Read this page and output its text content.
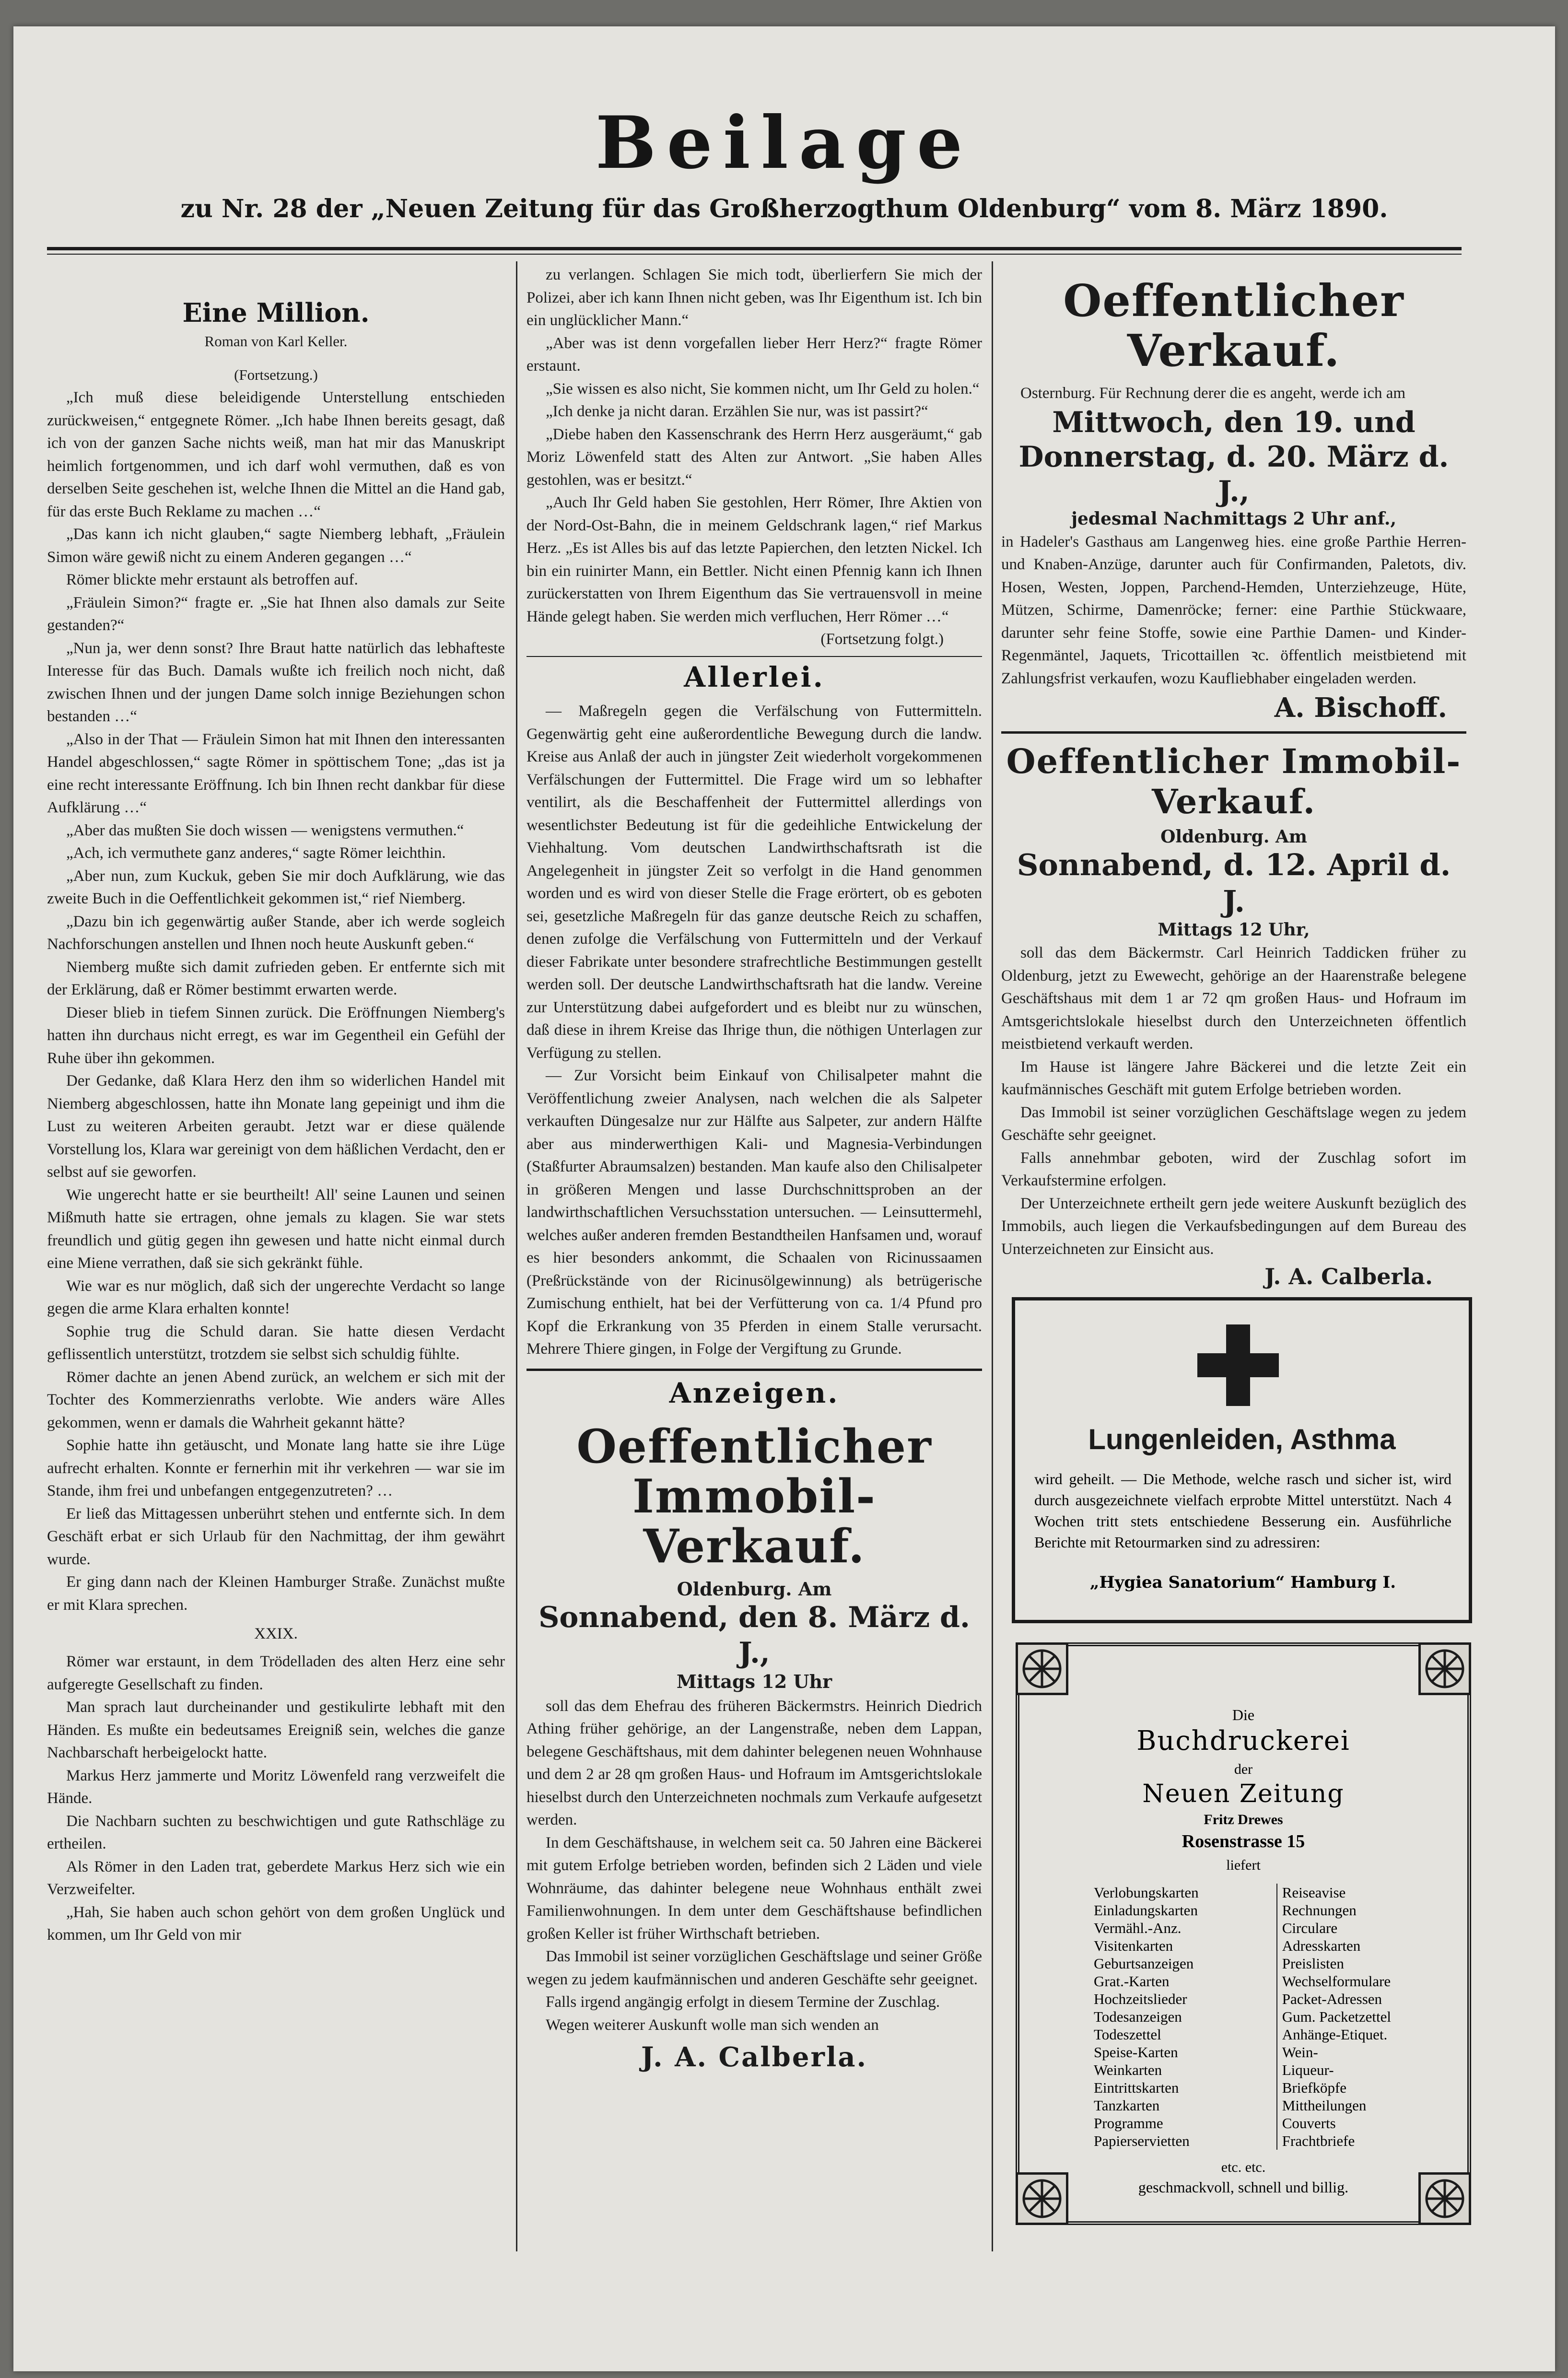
Beilage
zu Nr. 28 der „Neuen Zeitung für das Großherzogthum Oldenburg“ vom 8. März 1890.
Eine Million.
Roman von Karl Keller.
(Fortsetzung.)

„Ich muß diese beleidigende Unterstellung entschieden zurückweisen,“ entgegnete Römer. „Ich habe Ihnen bereits gesagt, daß ich von der ganzen Sache nichts weiß, man hat mir das Manuskript heimlich fortgenommen, und ich darf wohl vermuthen, daß es von derselben Seite geschehen ist, welche Ihnen die Mittel an die Hand gab, für das erste Buch Reklame zu machen …“

„Das kann ich nicht glauben,“ sagte Niemberg lebhaft, „Fräulein Simon wäre gewiß nicht zu einem Anderen gegangen …“

Römer blickte mehr erstaunt als betroffen auf.

„Fräulein Simon?“ fragte er. „Sie hat Ihnen also damals zur Seite gestanden?“

„Nun ja, wer denn sonst? Ihre Braut hatte natürlich das lebhafteste Interesse für das Buch. Damals wußte ich freilich noch nicht, daß zwischen Ihnen und der jungen Dame solch innige Beziehungen schon bestanden …“

„Also in der That — Fräulein Simon hat mit Ihnen den interessanten Handel abgeschlossen,“ sagte Römer in spöttischem Tone; „das ist ja eine recht interessante Eröffnung. Ich bin Ihnen recht dankbar für diese Aufklärung …“

„Aber das mußten Sie doch wissen — wenigstens vermuthen.“

„Ach, ich vermuthete ganz anderes,“ sagte Römer leichthin.

„Aber nun, zum Kuckuk, geben Sie mir doch Aufklärung, wie das zweite Buch in die Oeffentlichkeit gekommen ist,“ rief Niemberg.

„Dazu bin ich gegenwärtig außer Stande, aber ich werde sogleich Nachforschungen anstellen und Ihnen noch heute Auskunft geben.“

Niemberg mußte sich damit zufrieden geben. Er entfernte sich mit der Erklärung, daß er Römer bestimmt erwarten werde.

Dieser blieb in tiefem Sinnen zurück. Die Eröffnungen Niemberg's hatten ihn durchaus nicht erregt, es war im Gegentheil ein Gefühl der Ruhe über ihn gekommen.

Der Gedanke, daß Klara Herz den ihm so widerlichen Handel mit Niemberg abgeschlossen, hatte ihn Monate lang gepeinigt und ihm die Lust zu weiteren Arbeiten geraubt. Jetzt war er diese quälende Vorstellung los, Klara war gereinigt von dem häßlichen Verdacht, den er selbst auf sie geworfen.

Wie ungerecht hatte er sie beurtheilt! All' seine Launen und seinen Mißmuth hatte sie ertragen, ohne jemals zu klagen. Sie war stets freundlich und gütig gegen ihn gewesen und hatte nicht einmal durch eine Miene verrathen, daß sie sich gekränkt fühle.

Wie war es nur möglich, daß sich der ungerechte Verdacht so lange gegen die arme Klara erhalten konnte!

Sophie trug die Schuld daran. Sie hatte diesen Verdacht geflissentlich unterstützt, trotzdem sie selbst sich schuldig fühlte.

Römer dachte an jenen Abend zurück, an welchem er sich mit der Tochter des Kommerzienraths verlobte. Wie anders wäre Alles gekommen, wenn er damals die Wahrheit gekannt hätte?

Sophie hatte ihn getäuscht, und Monate lang hatte sie ihre Lüge aufrecht erhalten. Konnte er fernerhin mit ihr verkehren — war sie im Stande, ihm frei und unbefangen entgegenzutreten? …

Er ließ das Mittagessen unberührt stehen und entfernte sich. In dem Geschäft erbat er sich Urlaub für den Nachmittag, der ihm gewährt wurde.

Er ging dann nach der Kleinen Hamburger Straße. Zunächst mußte er mit Klara sprechen.

XXIX.

Römer war erstaunt, in dem Trödelladen des alten Herz eine sehr aufgeregte Gesellschaft zu finden.

Man sprach laut durcheinander und gestikulirte lebhaft mit den Händen. Es mußte ein bedeutsames Ereigniß sein, welches die ganze Nachbarschaft herbeigelockt hatte.

Markus Herz jammerte und Moritz Löwenfeld rang verzweifelt die Hände.

Die Nachbarn suchten zu beschwichtigen und gute Rathschläge zu ertheilen.

Als Römer in den Laden trat, geberdete Markus Herz sich wie ein Verzweifelter.

„Hah, Sie haben auch schon gehört von dem großen Unglück und kommen, um Ihr Geld von mir

zu verlangen. Schlagen Sie mich todt, überlierfern Sie mich der Polizei, aber ich kann Ihnen nicht geben, was Ihr Eigenthum ist. Ich bin ein unglücklicher Mann.“

„Aber was ist denn vorgefallen lieber Herr Herz?“ fragte Römer erstaunt.

„Sie wissen es also nicht, Sie kommen nicht, um Ihr Geld zu holen.“

„Ich denke ja nicht daran. Erzählen Sie nur, was ist passirt?“

„Diebe haben den Kassenschrank des Herrn Herz ausgeräumt,“ gab Moriz Löwenfeld statt des Alten zur Antwort. „Sie haben Alles gestohlen, was er besitzt.“

„Auch Ihr Geld haben Sie gestohlen, Herr Römer, Ihre Aktien von der Nord-Ost-Bahn, die in meinem Geldschrank lagen,“ rief Markus Herz. „Es ist Alles bis auf das letzte Papierchen, den letzten Nickel. Ich bin ein ruinirter Mann, ein Bettler. Nicht einen Pfennig kann ich Ihnen zurückerstatten von Ihrem Eigenthum das Sie vertrauensvoll in meine Hände gelegt haben. Sie werden mich verfluchen, Herr Römer …“

(Fortsetzung folgt.)
Allerlei.

— Maßregeln gegen die Verfälschung von Futtermitteln. Gegenwärtig geht eine außerordentliche Bewegung durch die landw. Kreise aus Anlaß der auch in jüngster Zeit wiederholt vorgekommenen Verfälschungen der Futtermittel. Die Frage wird um so lebhafter ventilirt, als die Beschaffenheit der Futtermittel allerdings von wesentlichster Bedeutung ist für die gedeihliche Entwickelung der Viehhaltung. Vom deutschen Landwirthschaftsrath ist die Angelegenheit in jüngster Zeit so verfolgt in die Hand genommen worden und es wird von dieser Stelle die Frage erörtert, ob es geboten sei, gesetzliche Maßregeln für das ganze deutsche Reich zu schaffen, denen zufolge die Verfälschung von Futtermitteln und der Verkauf dieser Fabrikate unter besondere strafrechtliche Bestimmungen gestellt werden soll. Der deutsche Landwirthschaftsrath hat die landw. Vereine zur Unterstützung dabei aufgefordert und es bleibt nur zu wünschen, daß diese in ihrem Kreise das Ihrige thun, die nöthigen Unterlagen zur Verfügung zu stellen.

— Zur Vorsicht beim Einkauf von Chilisalpeter mahnt die Veröffentlichung zweier Analysen, nach welchen die als Salpeter verkauften Düngesalze nur zur Hälfte aus Salpeter, zur andern Hälfte aber aus minderwerthigen Kali- und Magnesia-Verbindungen (Staßfurter Abraumsalzen) bestanden. Man kaufe also den Chilisalpeter in größeren Mengen und lasse Durchschnittsproben an der landwirthschaftlichen Versuchsstation untersuchen. — Leinsuttermehl, welches außer anderen fremden Bestandtheilen Hanfsamen und, worauf es hier besonders ankommt, die Schaalen von Ricinussaamen (Preßrückstände von der Ricinusölgewinnung) als betrügerische Zumischung enthielt, hat bei der Verfütterung von ca. 1/4 Pfund pro Kopf die Erkrankung von 35 Pferden in einem Stalle verursacht. Mehrere Thiere gingen, in Folge der Vergiftung zu Grunde.

Anzeigen.
Oeffentlicher Immobil-Verkauf.
Oldenburg. Am
Sonnabend, den 8. März d. J.,
Mittags 12 Uhr

soll das dem Ehefrau des früheren Bäckermstrs. Heinrich Diedrich Athing früher gehörige, an der Langenstraße, neben dem Lappan, belegene Geschäftshaus, mit dem dahinter belegenen neuen Wohnhause und dem 2 ar 28 qm großen Haus- und Hofraum im Amtsgerichtslokale hieselbst durch den Unterzeichneten nochmals zum Verkaufe aufgesetzt werden.

In dem Geschäftshause, in welchem seit ca. 50 Jahren eine Bäckerei mit gutem Erfolge betrieben worden, befinden sich 2 Läden und viele Wohnräume, das dahinter belegene neue Wohnhaus enthält zwei Familienwohnungen. In dem unter dem Geschäftshause befindlichen großen Keller ist früher Wirthschaft betrieben.

Das Immobil ist seiner vorzüglichen Geschäftslage und seiner Größe wegen zu jedem kaufmännischen und anderen Geschäfte sehr geeignet.

Falls irgend angängig erfolgt in diesem Termine der Zuschlag.

Wegen weiterer Auskunft wolle man sich wenden an

J. A. Calberla.
Oeffentlicher Verkauf.

Osternburg. Für Rechnung derer die es angeht, werde ich am

Mittwoch, den 19. und
Donnerstag, d. 20. März d. J.,
jedesmal Nachmittags 2 Uhr anf.,

in Hadeler's Gasthaus am Langenweg hies. eine große Parthie Herren- und Knaben-Anzüge, darunter auch für Confirmanden, Paletots, div. Hosen, Westen, Joppen, Parchend-Hemden, Unterziehzeuge, Hüte, Mützen, Schirme, Damenröcke; ferner: eine Parthie Stückwaare, darunter sehr feine Stoffe, sowie eine Parthie Damen- und Kinder-Regenmäntel, Jaquets, Tricottaillen ꝛc. öffentlich meistbietend mit Zahlungsfrist verkaufen, wozu Kaufliebhaber eingeladen werden.

A. Bischoff.
Oeffentlicher Immobil-Verkauf.
Oldenburg. Am
Sonnabend, d. 12. April d. J.
Mittags 12 Uhr,

soll das dem Bäckermstr. Carl Heinrich Taddicken früher zu Oldenburg, jetzt zu Ewewecht, gehörige an der Haarenstraße belegene Geschäftshaus mit dem 1 ar 72 qm großen Haus- und Hofraum im Amtsgerichtslokale hieselbst durch den Unterzeichneten öffentlich meistbietend verkauft werden.

Im Hause ist längere Jahre Bäckerei und die letzte Zeit ein kaufmännisches Geschäft mit gutem Erfolge betrieben worden.

Das Immobil ist seiner vorzüglichen Geschäftslage wegen zu jedem Geschäfte sehr geeignet.

Falls annehmbar geboten, wird der Zuschlag sofort im Verkaufstermine erfolgen.

Der Unterzeichnete ertheilt gern jede weitere Auskunft bezüglich des Immobils, auch liegen die Verkaufsbedingungen auf dem Bureau des Unterzeichneten zur Einsicht aus.

J. A. Calberla.
Lungenleiden, Asthma

wird geheilt. — Die Methode, welche rasch und sicher ist, wird durch ausgezeichnete vielfach erprobte Mittel unterstützt. Nach 4 Wochen tritt stets entschiedene Besserung ein. Ausführliche Berichte mit Retourmarken sind zu adressiren:

„Hygiea Sanatorium“ Hamburg I.
Die
Buchdruckerei
der
Neuen Zeitung
Fritz Drewes
Rosenstrasse 15
liefert
Verlobungskarten
Einladungskarten
Vermähl.-Anz.
Visitenkarten
Geburtsanzeigen
Grat.-Karten
Hochzeitslieder
Todesanzeigen
Todeszettel
Speise-Karten
Weinkarten
Eintrittskarten
Tanzkarten
Programme
Papierservietten
Reiseavise
Rechnungen
Circulare
Adresskarten
Preislisten
Wechselformulare
Packet-Adressen
Gum. Packetzettel
Anhänge-Etiquet.
Wein-
Liqueur-
Briefköpfe
Mittheilungen
Couverts
Frachtbriefe
etc. etc.
geschmackvoll, schnell und billig.
